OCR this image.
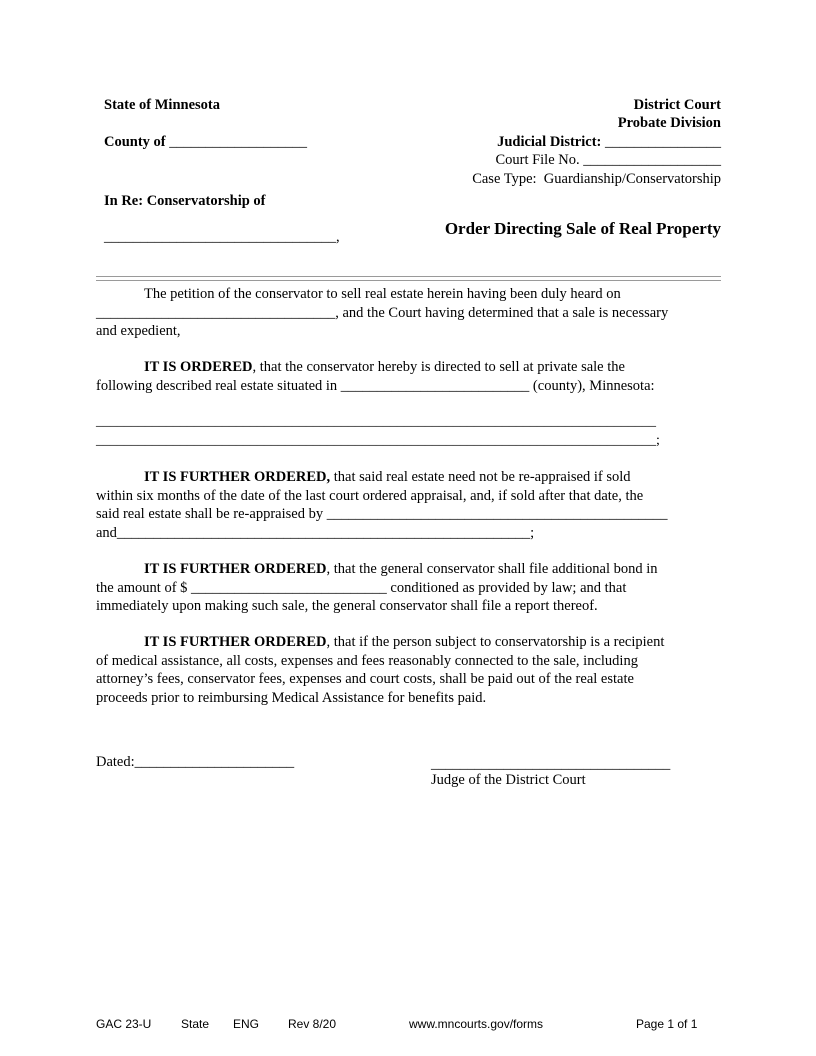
State of Minnesota	District Court
Probate Division
County of ___________________	Judicial District: ________________
Court File No. ___________________
Case Type:  Guardianship/Conservatorship
In Re: Conservatorship of
________________________________,	Order Directing Sale of Real Property
The petition of the conservator to sell real estate herein having been duly heard on
_________________________________, and the Court having determined that a sale is necessary
and expedient,
IT IS ORDERED, that the conservator hereby is directed to sell at private sale the
following described real estate situated in __________________________ (county), Minnesota:
________________________________________________________________________________
________________________________________________________________________________;
IT IS FURTHER ORDERED, that said real estate need not be re-appraised if sold
within six months of the date of the last court ordered appraisal, and, if sold after that date, the
said real estate shall be re-appraised by _______________________________________________
and_________________________________________________________;
IT IS FURTHER ORDERED, that the general conservator shall file additional bond in
the amount of $ ___________________________ conditioned as provided by law; and that
immediately upon making such sale, the general conservator shall file a report thereof.
IT IS FURTHER ORDERED, that if the person subject to conservatorship is a recipient
of medical assistance, all costs, expenses and fees reasonably connected to the sale, including
attorney’s fees, conservator fees, expenses and court costs, shall be paid out of the real estate
proceeds prior to reimbursing Medical Assistance for benefits paid.
Dated:______________________	_________________________________
Judge of the District Court
GAC 23-U State ENG Rev 8/20	www.mncourts.gov/forms	Page 1 of 1
